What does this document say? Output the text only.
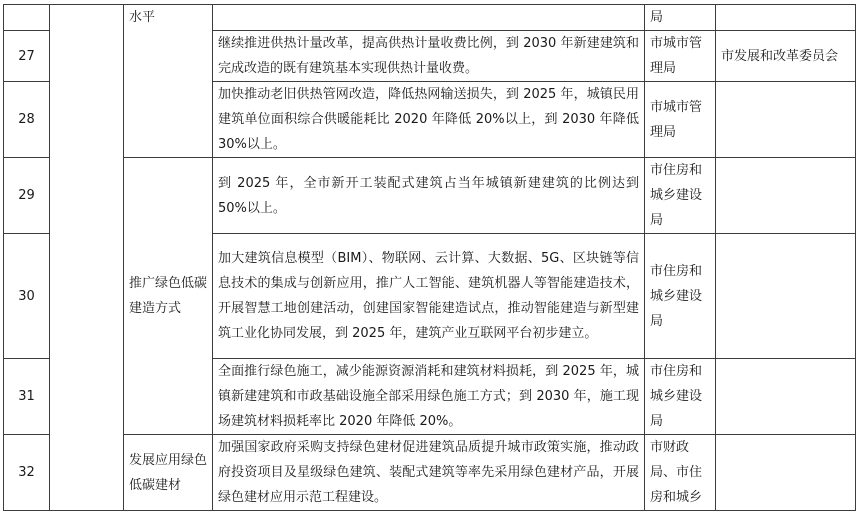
		水平		局	
27			继续推进供热计量改革，提高供热计量收费比例，到 2030 年新建建筑和完成改造的既有建筑基本实现供热计量收费。	市城市管理局	市发展和改革委员会
28			加快推动老旧供热管网改造，降低热网输送损失，到 2025 年，城镇民用建筑单位面积综合供暖能耗比 2020 年降低 20%以上，到 2030 年降低 30%以上。	市城市管理局	
29		推广绿色低碳建造方式	到 2025 年，全市新开工装配式建筑占当年城镇新建建筑的比例达到 50%以上。	市住房和城乡建设局	
30			加大建筑信息模型（BIM）、物联网、云计算、大数据、5G、区块链等信息技术的集成与创新应用，推广人工智能、建筑机器人等智能建造技术，开展智慧工地创建活动，创建国家智能建造试点，推动智能建造与新型建筑工业化协同发展，到 2025 年，建筑产业互联网平台初步建立。	市住房和城乡建设局	
31			全面推行绿色施工，减少能源资源消耗和建筑材料损耗，到 2025 年，城镇新建建筑和市政基础设施全部采用绿色施工方式；到 2030 年，施工现场建筑材料损耗率比 2020 年降低 20%。	市住房和城乡建设局	
32		发展应用绿色低碳建材	加强国家政府采购支持绿色建材促进建筑品质提升城市政策实施，推动政府投资项目及星级绿色建筑、装配式建筑等率先采用绿色建材产品，开展绿色建材应用示范工程建设。	市财政局、市住房和城乡	
